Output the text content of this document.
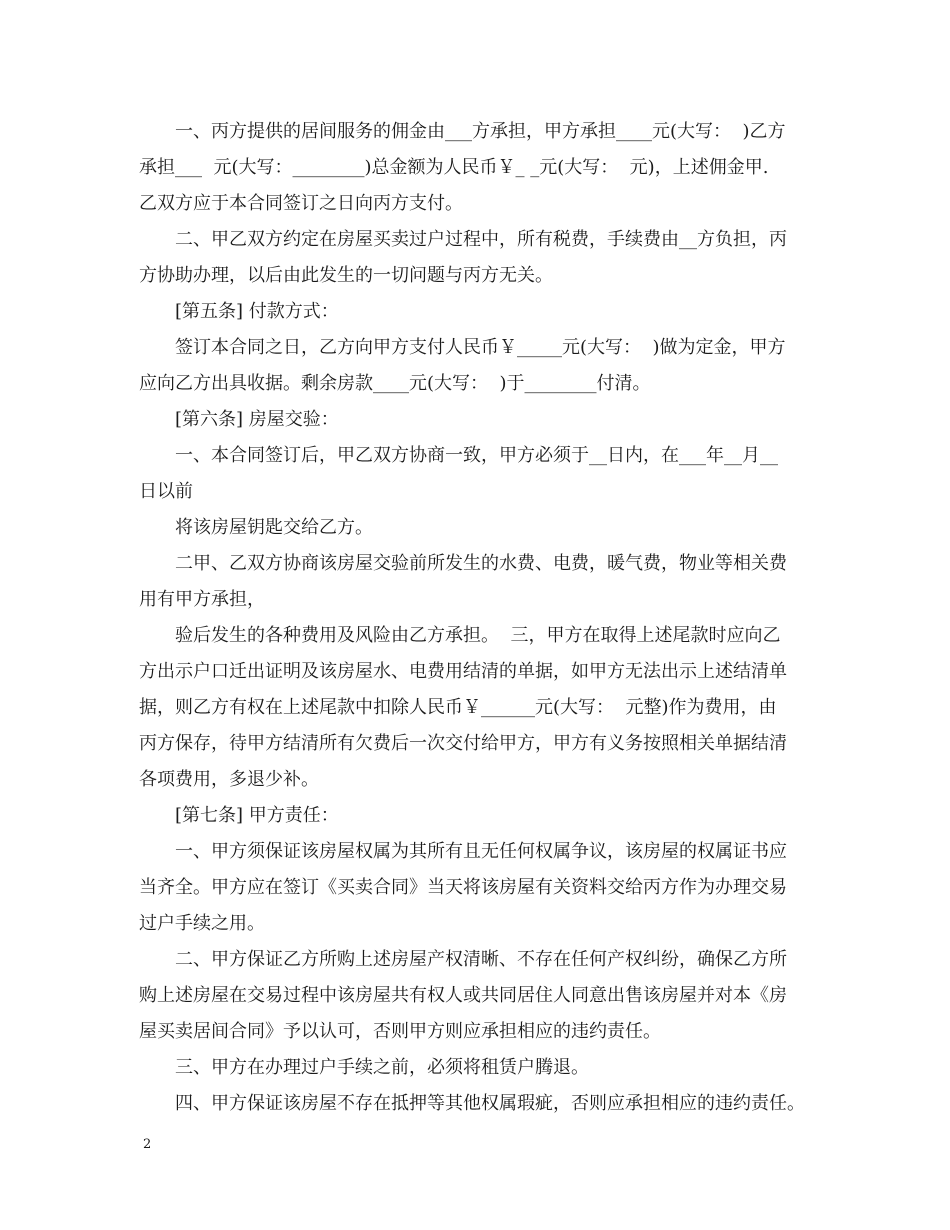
一、丙方提供的居间服务的佣金由___方承担，甲方承担____元(大写：  )乙方
承担___  元(大写：________)总金额为人民币￥_ _元(大写：  元)，上述佣金甲.
乙双方应于本合同签订之日向丙方支付。
二、甲乙双方约定在房屋买卖过户过程中，所有税费，手续费由__方负担，丙
方协助办理，以后由此发生的一切问题与丙方无关。
[第五条] 付款方式：
签订本合同之日，乙方向甲方支付人民币￥_____元(大写：  )做为定金，甲方
应向乙方出具收据。剩余房款____元(大写：  )于________付清。
[第六条] 房屋交验：
一、本合同签订后，甲乙双方协商一致，甲方必须于__日内，在___年__月__
日以前
将该房屋钥匙交给乙方。
二甲、乙双方协商该房屋交验前所发生的水费、电费，暖气费，物业等相关费
用有甲方承担，
验后发生的各种费用及风险由乙方承担。  三，甲方在取得上述尾款时应向乙
方出示户口迁出证明及该房屋水、电费用结清的单据，如甲方无法出示上述结清单
据，则乙方有权在上述尾款中扣除人民币￥______元(大写：  元整)作为费用，由
丙方保存，待甲方结清所有欠费后一次交付给甲方，甲方有义务按照相关单据结清
各项费用，多退少补。
[第七条] 甲方责任：
一、甲方须保证该房屋权属为其所有且无任何权属争议，该房屋的权属证书应
当齐全。甲方应在签订《买卖合同》当天将该房屋有关资料交给丙方作为办理交易
过户手续之用。
二、甲方保证乙方所购上述房屋产权清晰、不存在任何产权纠纷，确保乙方所
购上述房屋在交易过程中该房屋共有权人或共同居住人同意出售该房屋并对本《房
屋买卖居间合同》予以认可，否则甲方则应承担相应的违约责任。
三、甲方在办理过户手续之前，必须将租赁户腾退。
四、甲方保证该房屋不存在抵押等其他权属瑕疵，否则应承担相应的违约责任。
2
